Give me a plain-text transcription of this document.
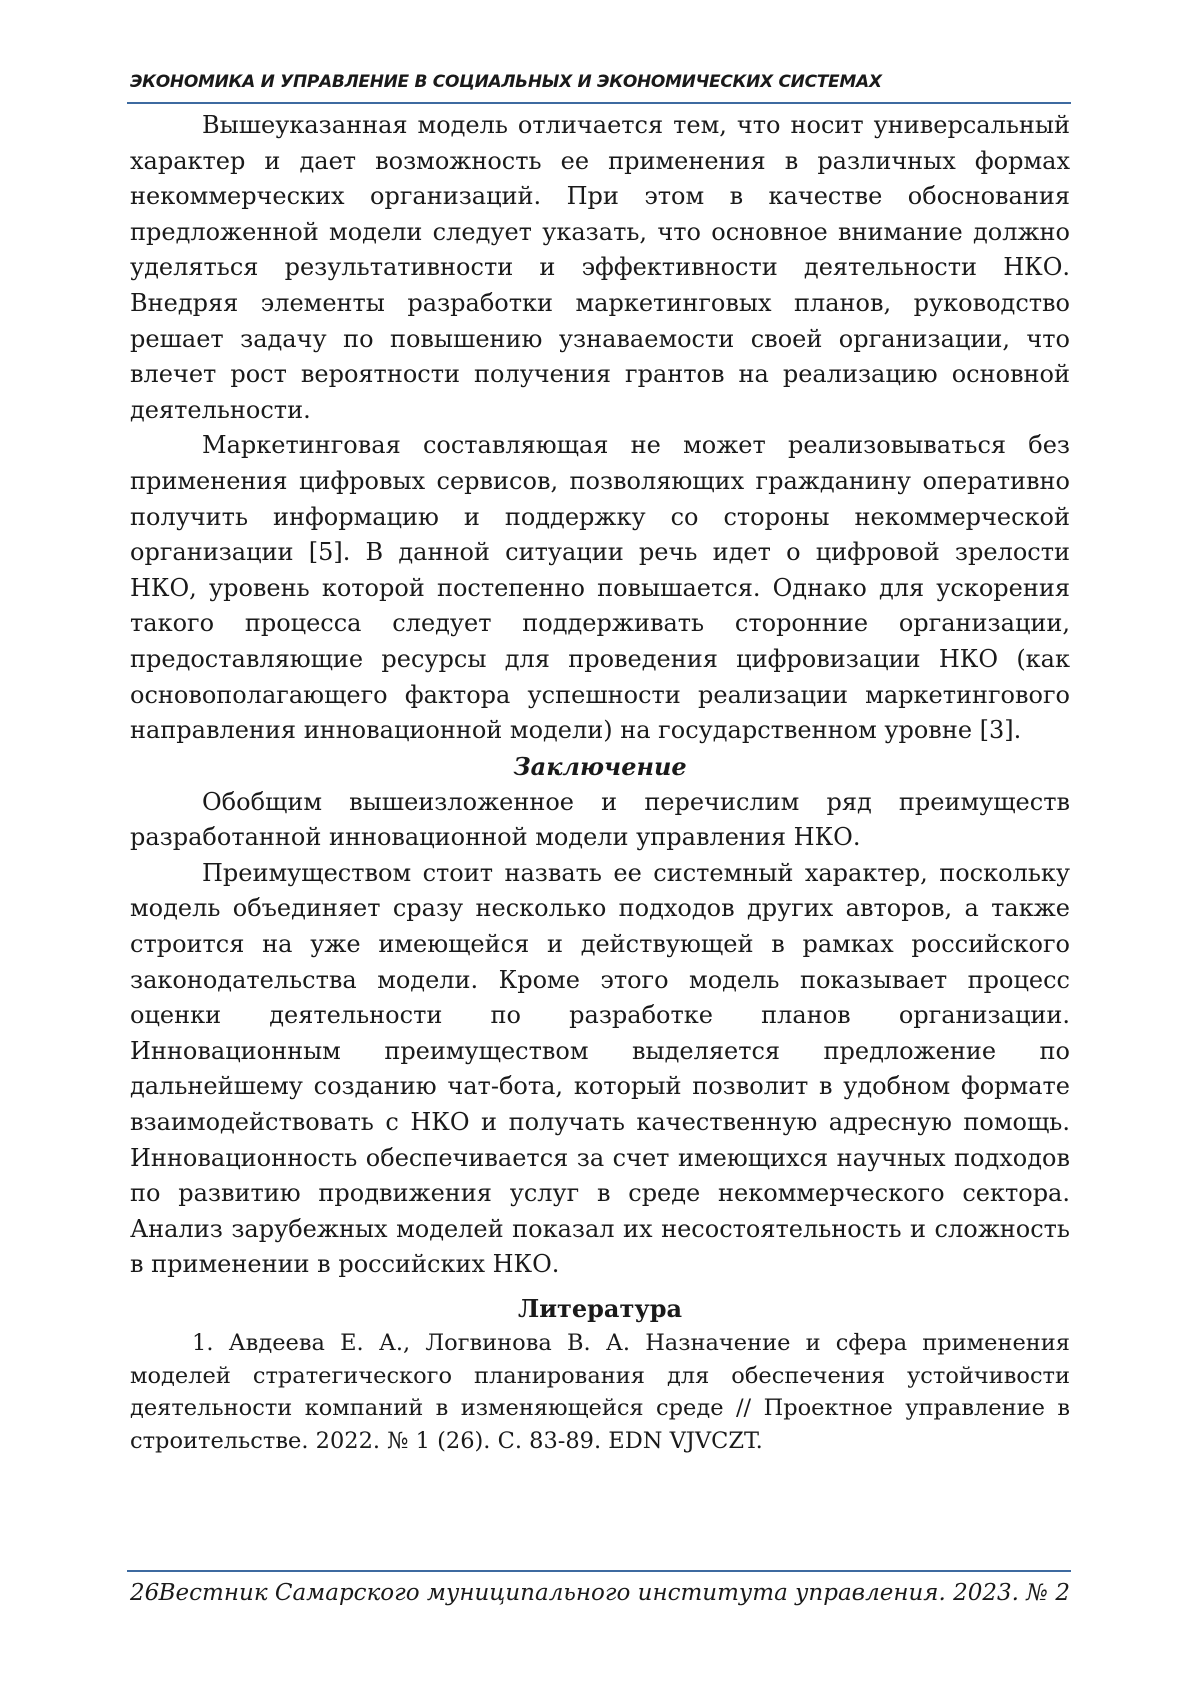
ЭКОНОМИКА И УПРАВЛЕНИЕ В СОЦИАЛЬНЫХ И ЭКОНОМИЧЕСКИХ СИСТЕМАХ

Вышеуказанная модель отличается тем, что носит универсальный характер и дает возможность ее применения в различных формах некоммерческих организаций. При этом в качестве обоснования предложенной модели следует указать, что основное внимание должно уделяться результативности и эффективности деятельности НКО. Внедряя элементы разработки маркетинговых планов, руководство решает задачу по повышению узнаваемости своей организации, что влечет рост вероятности получения грантов на реализацию основной деятельности.

Маркетинговая составляющая не может реализовываться без применения цифровых сервисов, позволяющих гражданину оперативно получить информацию и поддержку со стороны некоммерческой организации [5]. В данной ситуации речь идет о цифровой зрелости НКО, уровень которой постепенно повышается. Однако для ускорения такого процесса следует поддерживать сторонние организации, предоставляющие ресурсы для проведения цифровизации НКО (как основополагающего фактора успешности реализации маркетингового направления инновационной модели) на государственном уровне [3].

Заключение

Обобщим вышеизложенное и перечислим ряд преимуществ разработанной инновационной модели управления НКО.

Преимуществом стоит назвать ее системный характер, поскольку модель объединяет сразу несколько подходов других авторов, а также строится на уже имеющейся и действующей в рамках российского законодательства модели. Кроме этого модель показывает процесс оценки деятельности по разработке планов организации. Инновационным преимуществом выделяется предложение по дальнейшему созданию чат-бота, который позволит в удобном формате взаимодействовать с НКО и получать качественную адресную помощь. Инновационность обеспечивается за счет имеющихся научных подходов по развитию продвижения услуг в среде некоммерческого сектора. Анализ зарубежных моделей показал их несостоятельность и сложность в применении в российских НКО.

Литература

1. Авдеева Е. А., Логвинова В. А. Назначение и сфера применения моделей стратегического планирования для обеспечения устойчивости деятельности компаний в изменяющейся среде // Проектное управление в строительстве. 2022. № 1 (26). С. 83-89. EDN VJVCZT.

26 Вестник Самарского муниципального института управления. 2023. № 2
